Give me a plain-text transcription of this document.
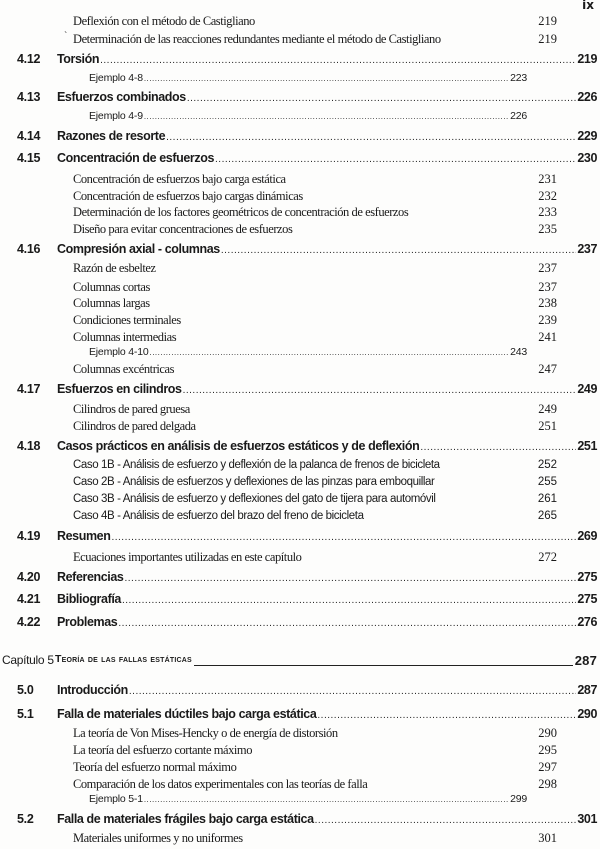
ix
`
Deflexión con el método de Castigliano	219
Determinación de las reacciones redundantes mediante el método de Castigliano	219
4.12 Torsión .....	219
Ejemplo 4-8 .....	223
4.13 Esfuerzos combinados .....	226
Ejemplo 4-9 .....	226
4.14 Razones de resorte .....	229
4.15 Concentración de esfuerzos .....	230
Concentración de esfuerzos bajo carga estática	231
Concentración de esfuerzos bajo cargas dinámicas	232
Determinación de los factores geométricos de concentración de esfuerzos	233
Diseño para evitar concentraciones de esfuerzos	235
4.16 Compresión axial - columnas .....	237
Razón de esbeltez	237
Columnas cortas	237
Columnas largas	238
Condiciones terminales	239
Columnas intermedias	241
Ejemplo 4-10 .....	243
Columnas excéntricas	247
4.17 Esfuerzos en cilindros .....	249
Cilindros de pared gruesa	249
Cilindros de pared delgada	251
4.18 Casos prácticos en análisis de esfuerzos estáticos y de deflexión .....	251
Caso 1B - Análisis de esfuerzo y deflexión de la palanca de frenos de bicicleta	252
Caso 2B - Análisis de esfuerzos y deflexiones de las pinzas para emboquillar	255
Caso 3B - Análisis de esfuerzo y deflexiones del gato de tijera para automóvil	261
Caso 4B - Análisis de esfuerzo del brazo del freno de bicicleta	265
4.19 Resumen .....	269
Ecuaciones importantes utilizadas en este capítulo	272
4.20 Referencias .....	275
4.21 Bibliografía .....	275
4.22 Problemas .....	276
Capítulo 5 Teoría de las fallas estáticas	287
5.0 Introducción .....	287
5.1 Falla de materiales dúctiles bajo carga estática .....	290
La teoría de Von Mises-Hencky o de energía de distorsión	290
La teoría del esfuerzo cortante máximo	295
Teoría del esfuerzo normal máximo	297
Comparación de los datos experimentales con las teorías de falla	298
Ejemplo 5-1 .....	299
5.2 Falla de materiales frágiles bajo carga estática .....	301
Materiales uniformes y no uniformes	301
